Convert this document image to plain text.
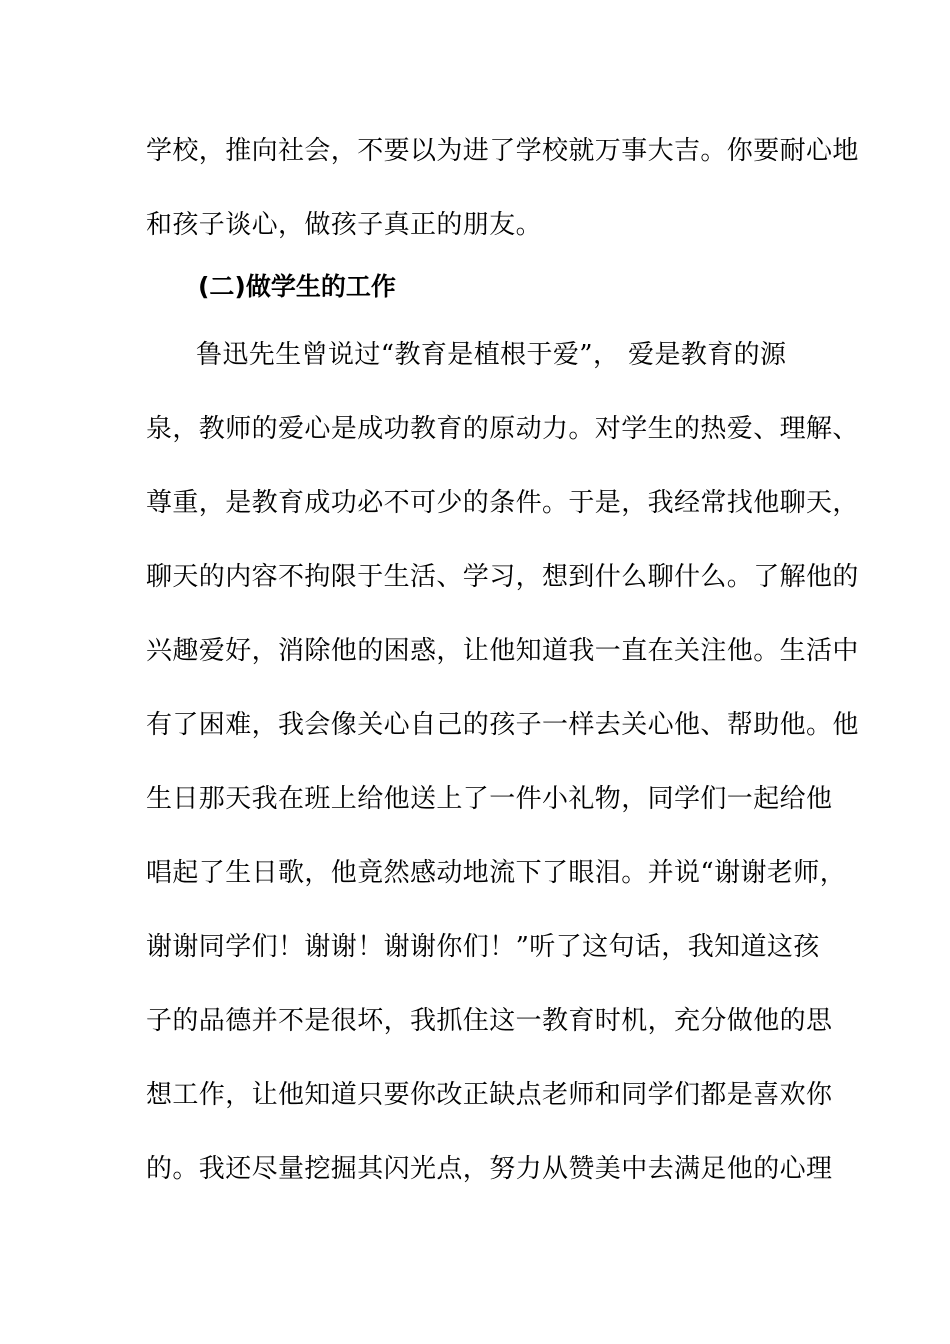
学校，推向社会，不要以为进了学校就万事大吉。你要耐心地
和孩子谈心，做孩子真正的朋友。
(二)做学生的工作
鲁迅先生曾说过“教育是植根于爱”， 爱是教育的源
泉，教师的爱心是成功教育的原动力。对学生的热爱、理解、
尊重，是教育成功必不可少的条件。于是，我经常找他聊天，
聊天的内容不拘限于生活、学习，想到什么聊什么。了解他的
兴趣爱好，消除他的困惑，让他知道我一直在关注他。生活中
有了困难，我会像关心自己的孩子一样去关心他、帮助他。他
生日那天我在班上给他送上了一件小礼物，同学们一起给他
唱起了生日歌，他竟然感动地流下了眼泪。并说“谢谢老师，
谢谢同学们！谢谢！谢谢你们！”听了这句话，我知道这孩
子的品德并不是很坏，我抓住这一教育时机，充分做他的思
想工作，让他知道只要你改正缺点老师和同学们都是喜欢你
的。我还尽量挖掘其闪光点，努力从赞美中去满足他的心理
